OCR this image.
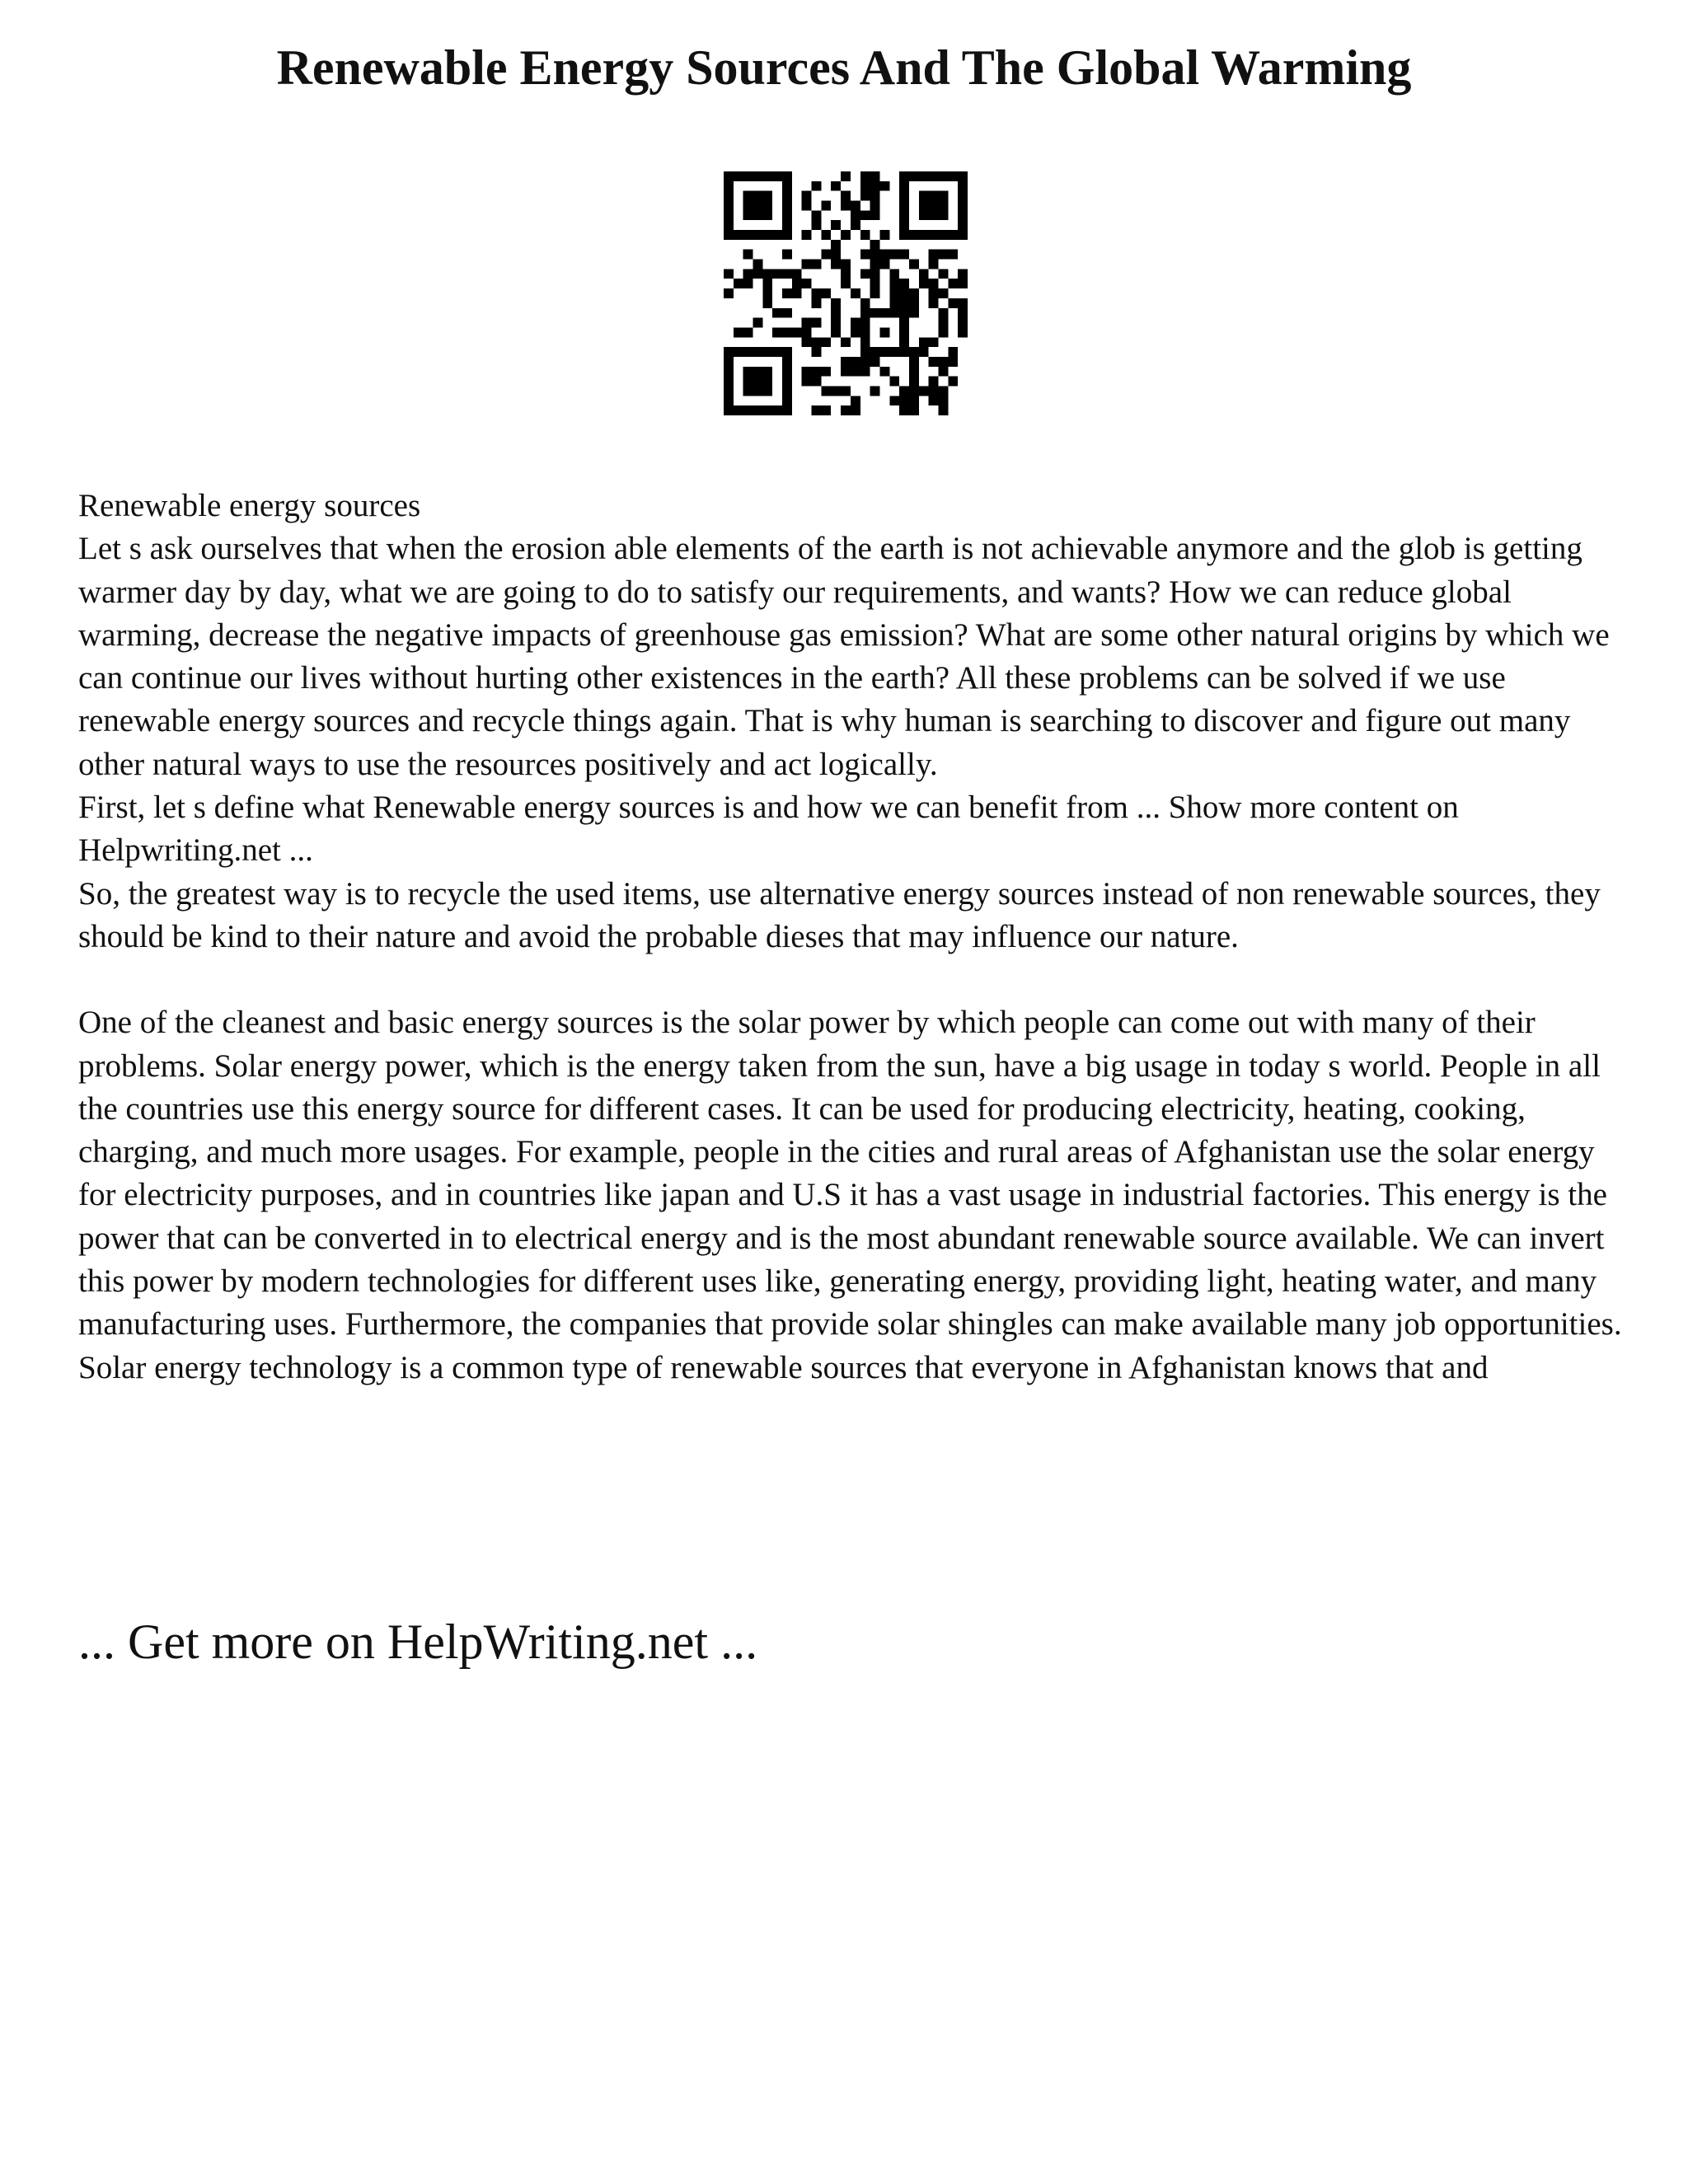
Renewable Energy Sources And The Global Warming

Renewable energy sources

Let s ask ourselves that when the erosion able elements of the earth is not achievable anymore and the glob is getting warmer day by day, what we are going to do to satisfy our requirements, and wants? How we can reduce global warming, decrease the negative impacts of greenhouse gas emission? What are some other natural origins by which we can continue our lives without hurting other existences in the earth? All these problems can be solved if we use renewable energy sources and recycle things again. That is why human is searching to discover and figure out many other natural ways to use the resources positively and act logically.

First, let s define what Renewable energy sources is and how we can benefit from ... Show more content on Helpwriting.net ...

So, the greatest way is to recycle the used items, use alternative energy sources instead of non renewable sources, they should be kind to their nature and avoid the probable dieses that may influence our nature.

One of the cleanest and basic energy sources is the solar power by which people can come out with many of their problems. Solar energy power, which is the energy taken from the sun, have a big usage in today s world. People in all the countries use this energy source for different cases. It can be used for producing electricity, heating, cooking, charging, and much more usages. For example, people in the cities and rural areas of Afghanistan use the solar energy for electricity purposes, and in countries like japan and U.S it has a vast usage in industrial factories. This energy is the power that can be converted in to electrical energy and is the most abundant renewable source available. We can invert this power by modern technologies for different uses like, generating energy, providing light, heating water, and many manufacturing uses. Furthermore, the companies that provide solar shingles can make available many job opportunities. Solar energy technology is a common type of renewable sources that everyone in Afghanistan knows that and

... Get more on HelpWriting.net ...
